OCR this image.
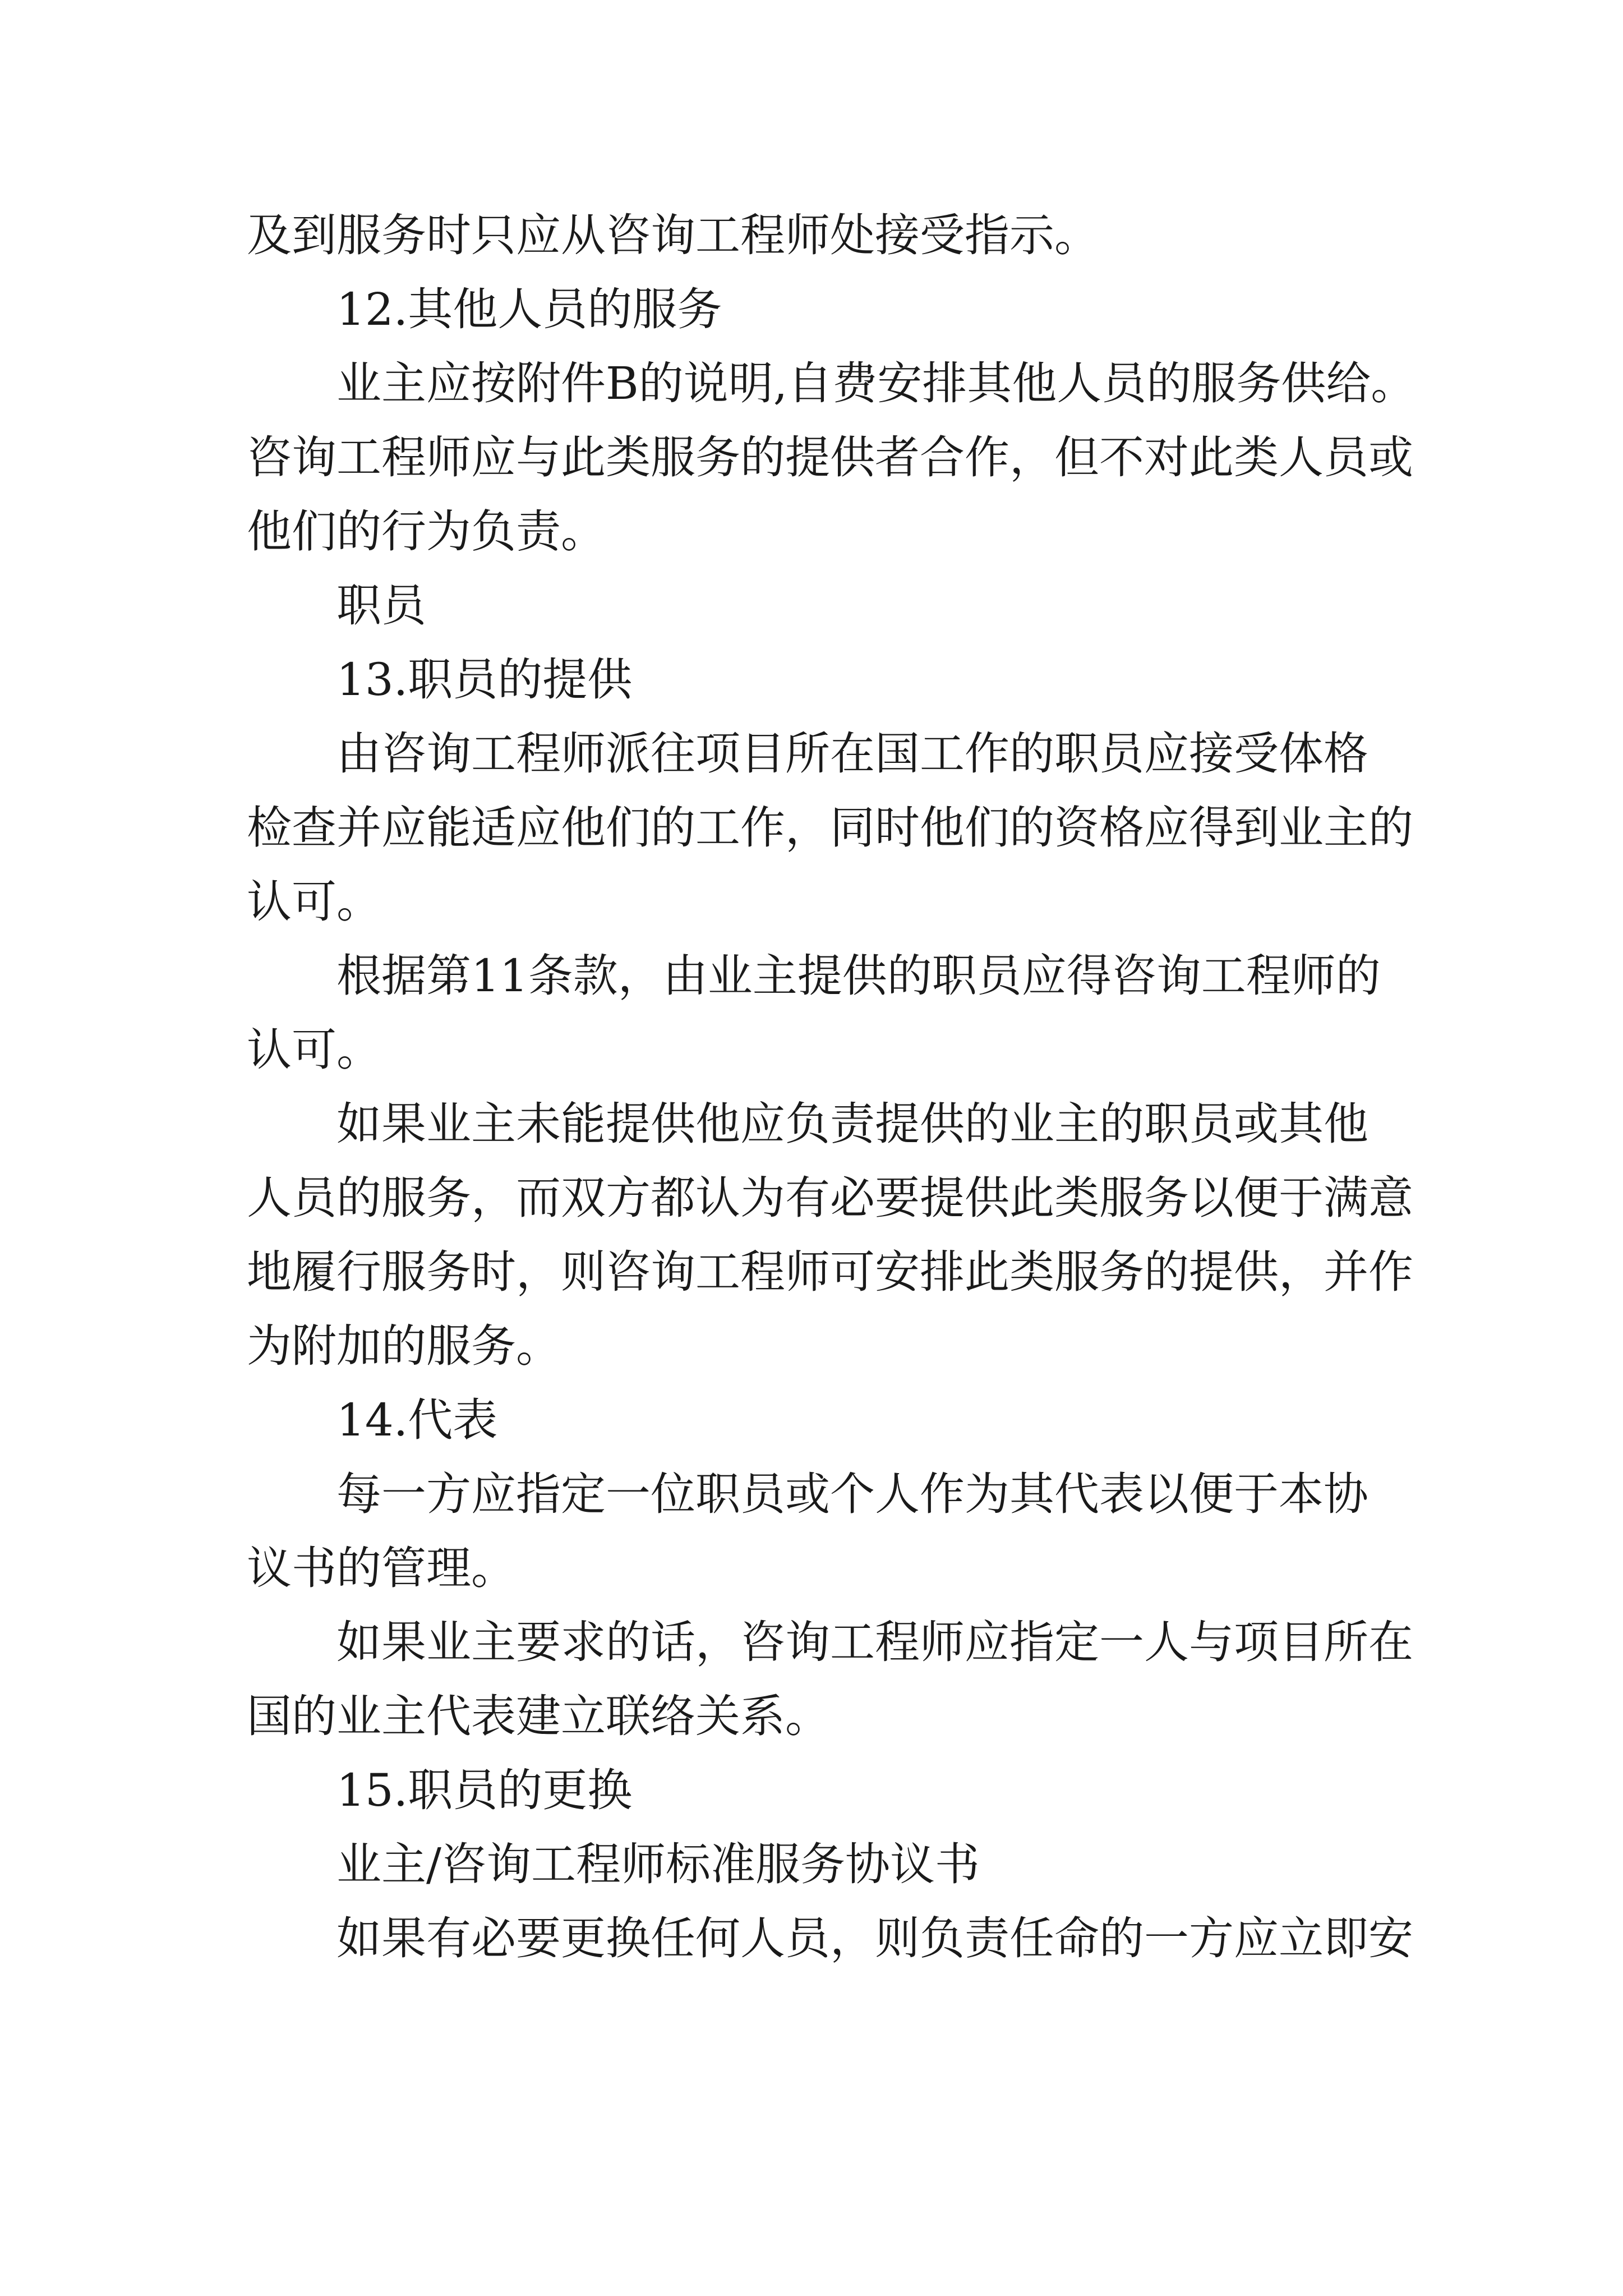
及到服务时只应从咨询工程师处接受指示。
12.其他人员的服务
业主应按附件B的说明,自费安排其他人员的服务供给。
咨询工程师应与此类服务的提供者合作，但不对此类人员或
他们的行为负责。
职员
13.职员的提供
由咨询工程师派往项目所在国工作的职员应接受体格
检查并应能适应他们的工作，同时他们的资格应得到业主的
认可。
根据第11条款，由业主提供的职员应得咨询工程师的
认可。
如果业主未能提供他应负责提供的业主的职员或其他
人员的服务，而双方都认为有必要提供此类服务以便于满意
地履行服务时，则咨询工程师可安排此类服务的提供，并作
为附加的服务。
14.代表
每一方应指定一位职员或个人作为其代表以便于本协
议书的管理。
如果业主要求的话，咨询工程师应指定一人与项目所在
国的业主代表建立联络关系。
15.职员的更换
业主/咨询工程师标准服务协议书
如果有必要更换任何人员，则负责任命的一方应立即安
